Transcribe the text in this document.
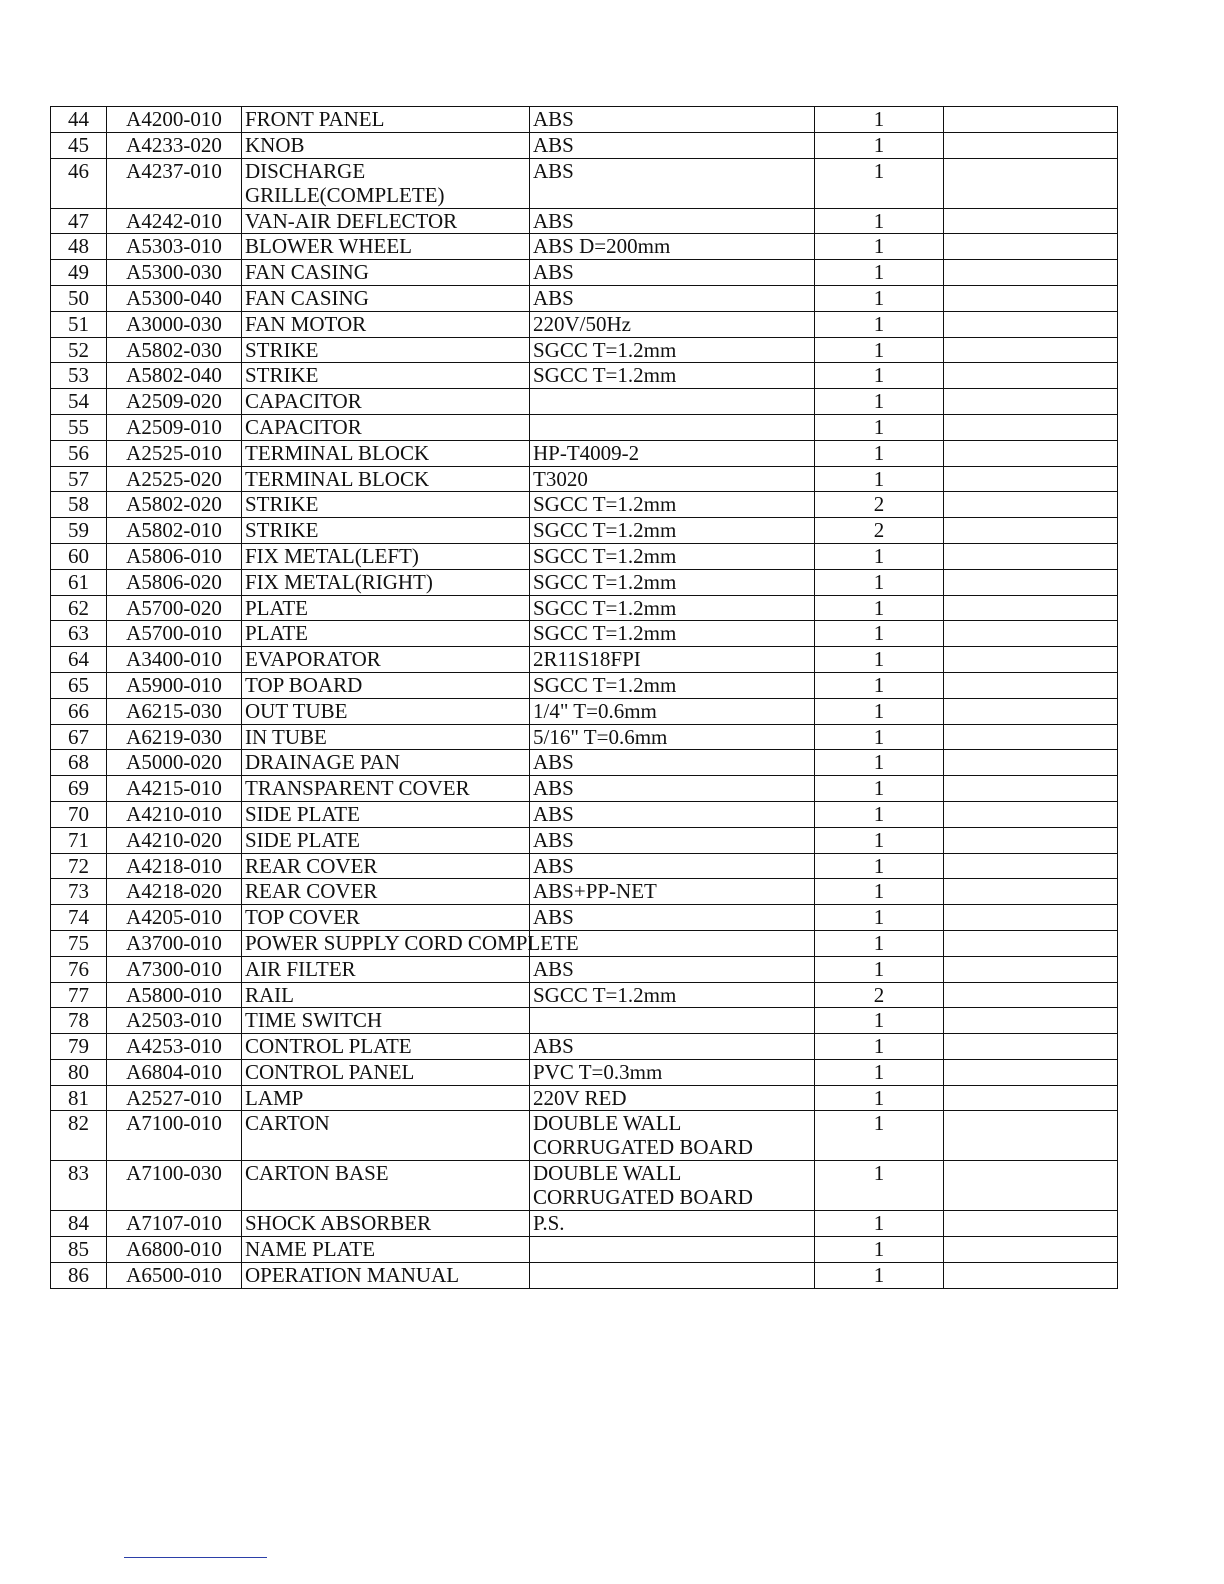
44	A4200-010	FRONT PANEL	ABS	1	
45	A4233-020	KNOB	ABS	1	
46	A4237-010	DISCHARGE GRILLE(COMPLETE)	ABS	1	
47	A4242-010	VAN-AIR DEFLECTOR	ABS	1	
48	A5303-010	BLOWER WHEEL	ABS D=200mm	1	
49	A5300-030	FAN CASING	ABS	1	
50	A5300-040	FAN CASING	ABS	1	
51	A3000-030	FAN MOTOR	220V/50Hz	1	
52	A5802-030	STRIKE	SGCC T=1.2mm	1	
53	A5802-040	STRIKE	SGCC T=1.2mm	1	
54	A2509-020	CAPACITOR		1	
55	A2509-010	CAPACITOR		1	
56	A2525-010	TERMINAL BLOCK	HP-T4009-2	1	
57	A2525-020	TERMINAL BLOCK	T3020	1	
58	A5802-020	STRIKE	SGCC T=1.2mm	2	
59	A5802-010	STRIKE	SGCC T=1.2mm	2	
60	A5806-010	FIX METAL(LEFT)	SGCC T=1.2mm	1	
61	A5806-020	FIX METAL(RIGHT)	SGCC T=1.2mm	1	
62	A5700-020	PLATE	SGCC T=1.2mm	1	
63	A5700-010	PLATE	SGCC T=1.2mm	1	
64	A3400-010	EVAPORATOR	2R11S18FPI	1	
65	A5900-010	TOP BOARD	SGCC T=1.2mm	1	
66	A6215-030	OUT TUBE	1/4" T=0.6mm	1	
67	A6219-030	IN TUBE	5/16" T=0.6mm	1	
68	A5000-020	DRAINAGE PAN	ABS	1	
69	A4215-010	TRANSPARENT COVER	ABS	1	
70	A4210-010	SIDE PLATE	ABS	1	
71	A4210-020	SIDE PLATE	ABS	1	
72	A4218-010	REAR COVER	ABS	1	
73	A4218-020	REAR COVER	ABS+PP-NET	1	
74	A4205-010	TOP COVER	ABS	1	
75	A3700-010	POWER SUPPLY CORD COMPLETE		1	
76	A7300-010	AIR FILTER	ABS	1	
77	A5800-010	RAIL	SGCC T=1.2mm	2	
78	A2503-010	TIME SWITCH		1	
79	A4253-010	CONTROL PLATE	ABS	1	
80	A6804-010	CONTROL PANEL	PVC T=0.3mm	1	
81	A2527-010	LAMP	220V RED	1	
82	A7100-010	CARTON	DOUBLE WALL CORRUGATED BOARD	1	
83	A7100-030	CARTON BASE	DOUBLE WALL CORRUGATED BOARD	1	
84	A7107-010	SHOCK ABSORBER	P.S.	1	
85	A6800-010	NAME PLATE		1	
86	A6500-010	OPERATION MANUAL		1	
